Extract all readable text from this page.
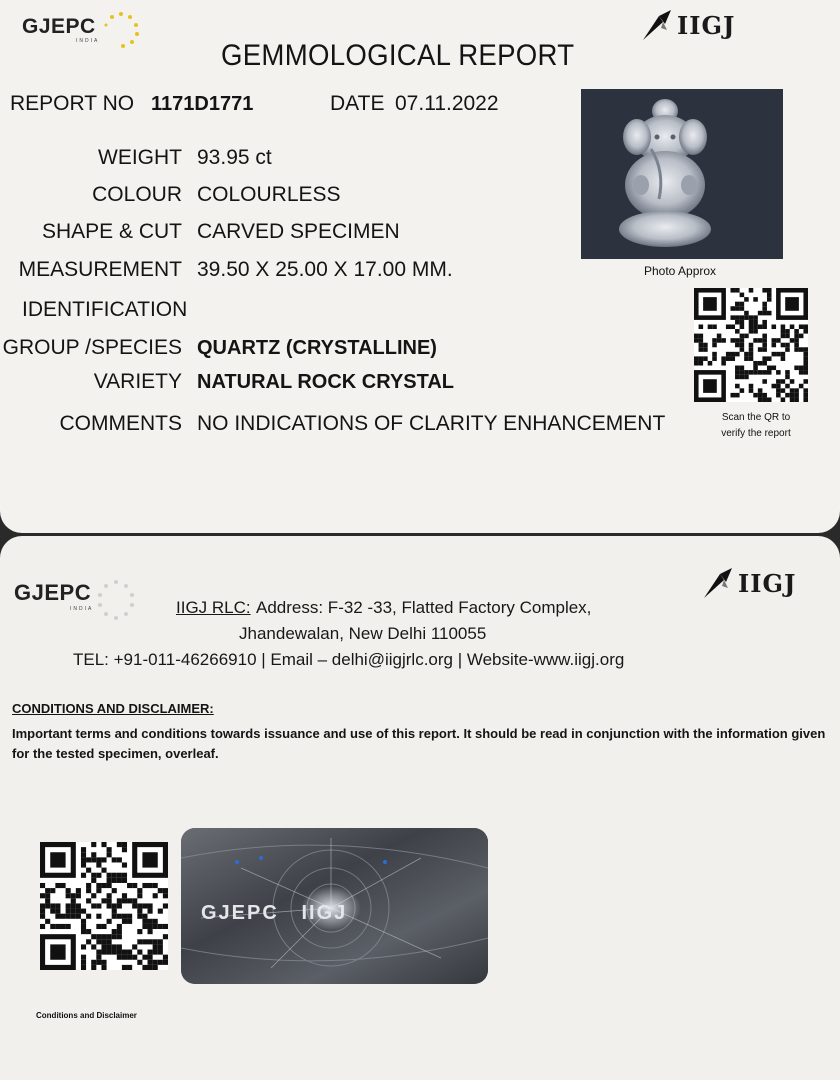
GJEPC
INDIA
IIGJ
GEMMOLOGICAL REPORT
REPORT NO 1171D1771	DATE 07.11.2022
WEIGHT 93.95 ct
COLOUR COLOURLESS
SHAPE & CUT CARVED SPECIMEN
MEASUREMENT 39.50 X 25.00 X 17.00 MM.
IDENTIFICATION
GROUP /SPECIES QUARTZ (CRYSTALLINE)
VARIETY NATURAL ROCK CRYSTAL
COMMENTS NO INDICATIONS OF CLARITY ENHANCEMENT
Photo Approx
Scan the QR to
verify the report
GJEPC
INDIA
IIGJ
IIGJ RLC: Address: F-32 -33, Flatted Factory Complex,
Jhandewalan, New Delhi 110055
TEL: +91-011-46266910 | Email – delhi@iigjrlc.org | Website-www.iigj.org
CONDITIONS AND DISCLAIMER:
Important terms and conditions towards issuance and use of this report. It should be read in conjunction with the information given for the tested specimen, overleaf.
GJEPC   IIGJ
Conditions and Disclaimer
